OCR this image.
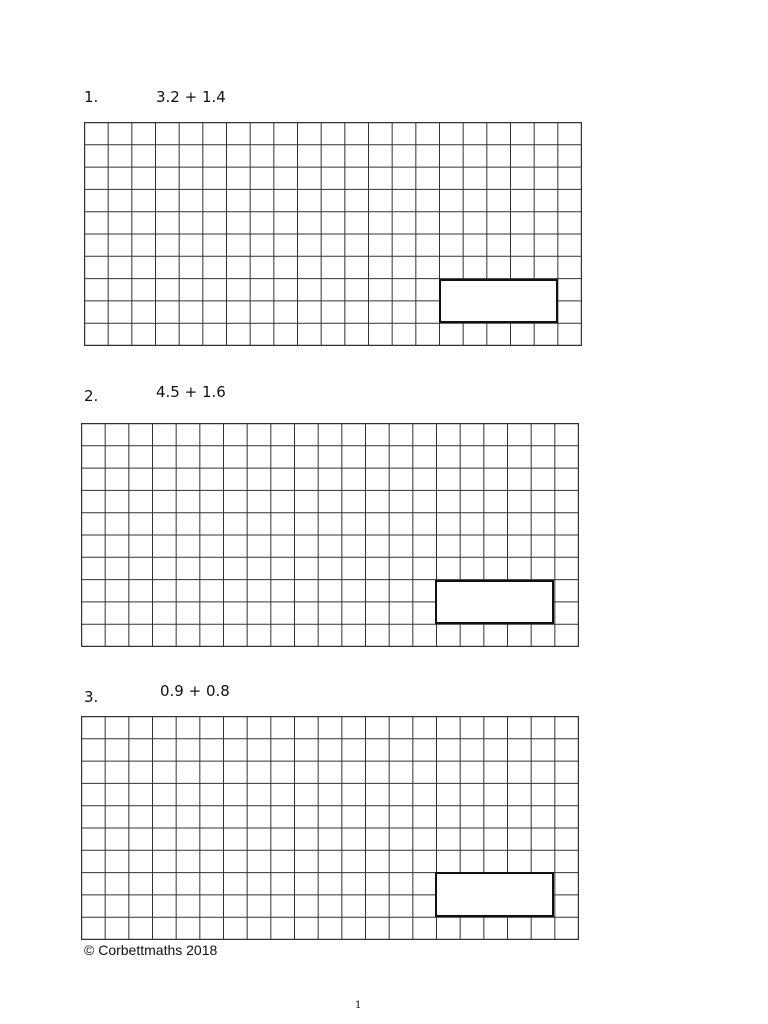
1.	3.2 + 1.4
2.	4.5 + 1.6
3.	0.9 + 0.8
© Corbettmaths 2018
1
